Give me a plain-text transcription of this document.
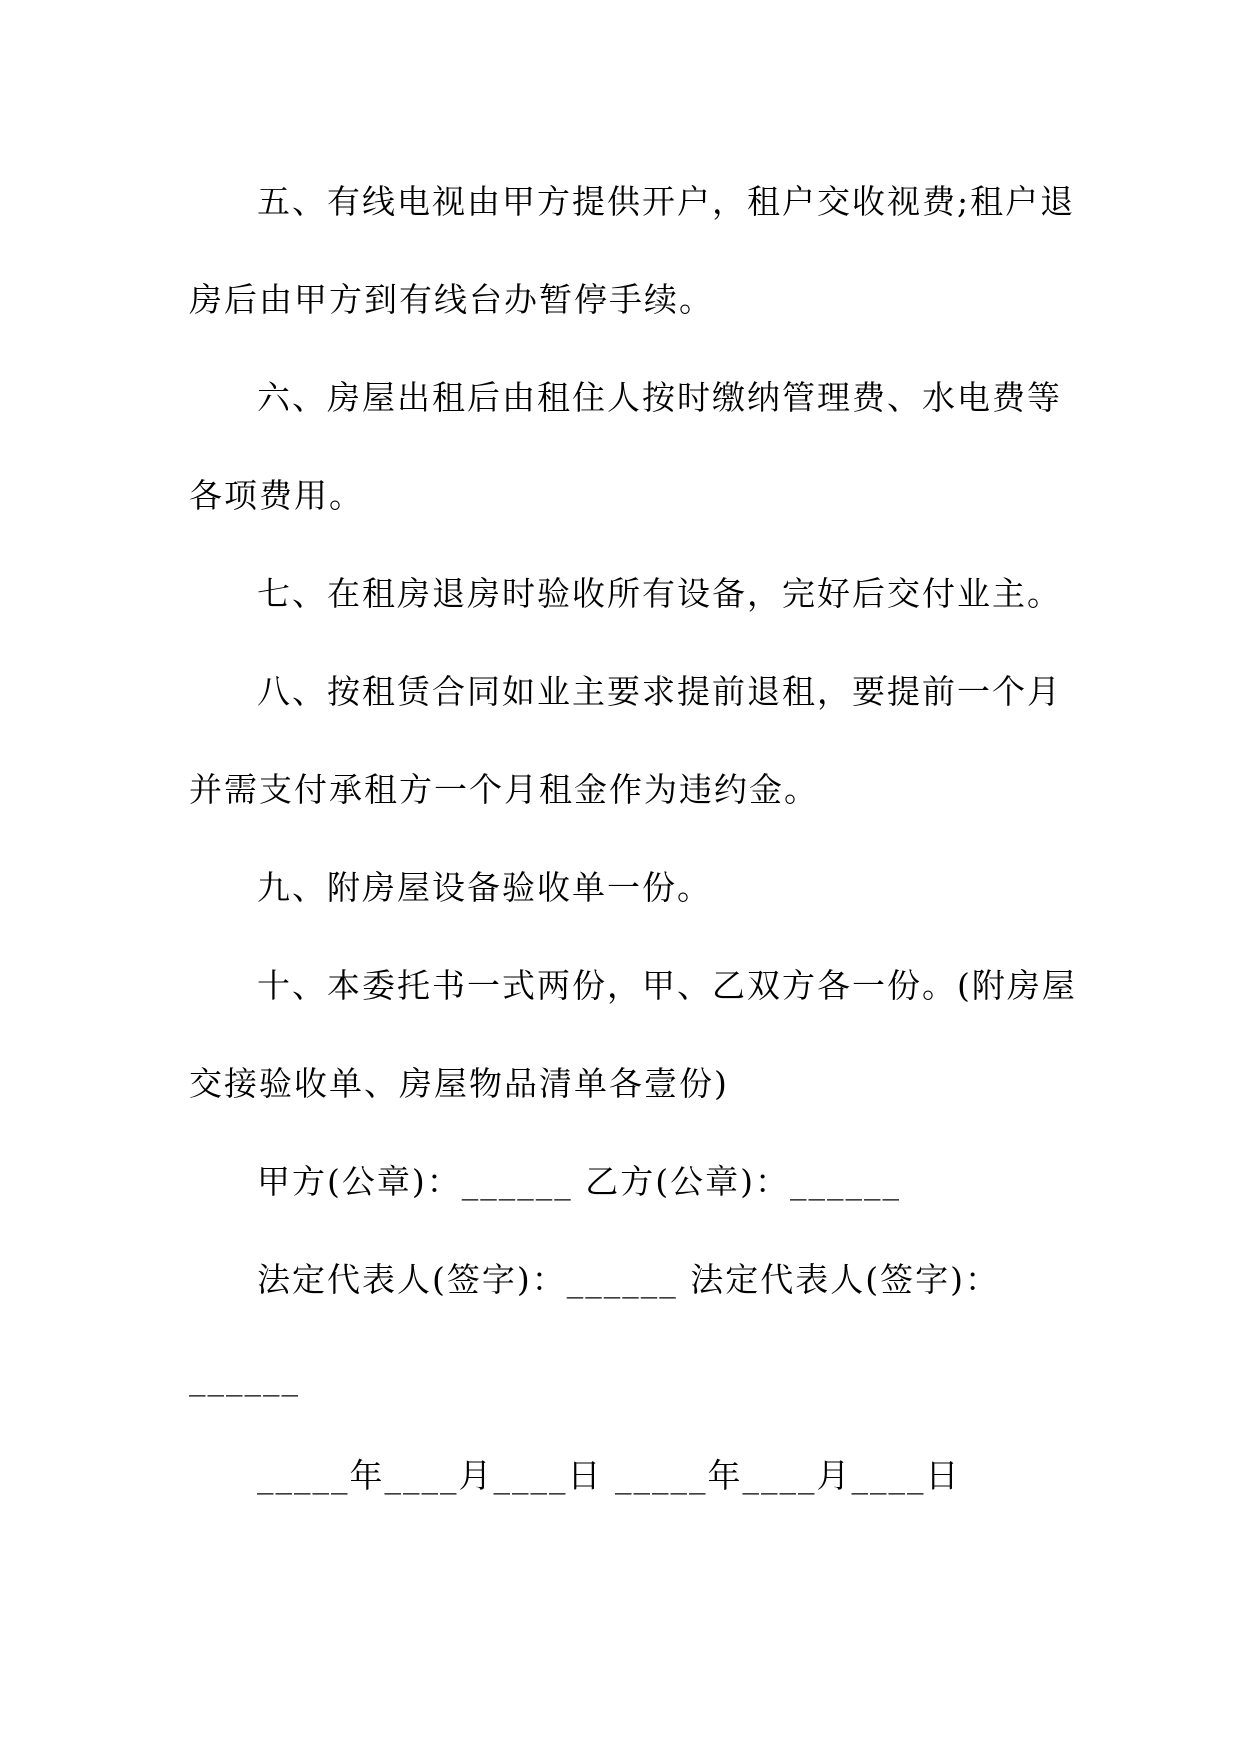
五、有线电视由甲方提供开户，租户交收视费;租户退
房后由甲方到有线台办暂停手续。
六、房屋出租后由租住人按时缴纳管理费、水电费等
各项费用。
七、在租房退房时验收所有设备，完好后交付业主。
八、按租赁合同如业主要求提前退租，要提前一个月
并需支付承租方一个月租金作为违约金。
九、附房屋设备验收单一份。
十、本委托书一式两份，甲、乙双方各一份。(附房屋
交接验收单、房屋物品清单各壹份)
甲方(公章)：______ 乙方(公章)：______
法定代表人(签字)：______ 法定代表人(签字)：
______
_____年____月____日 _____年____月____日
